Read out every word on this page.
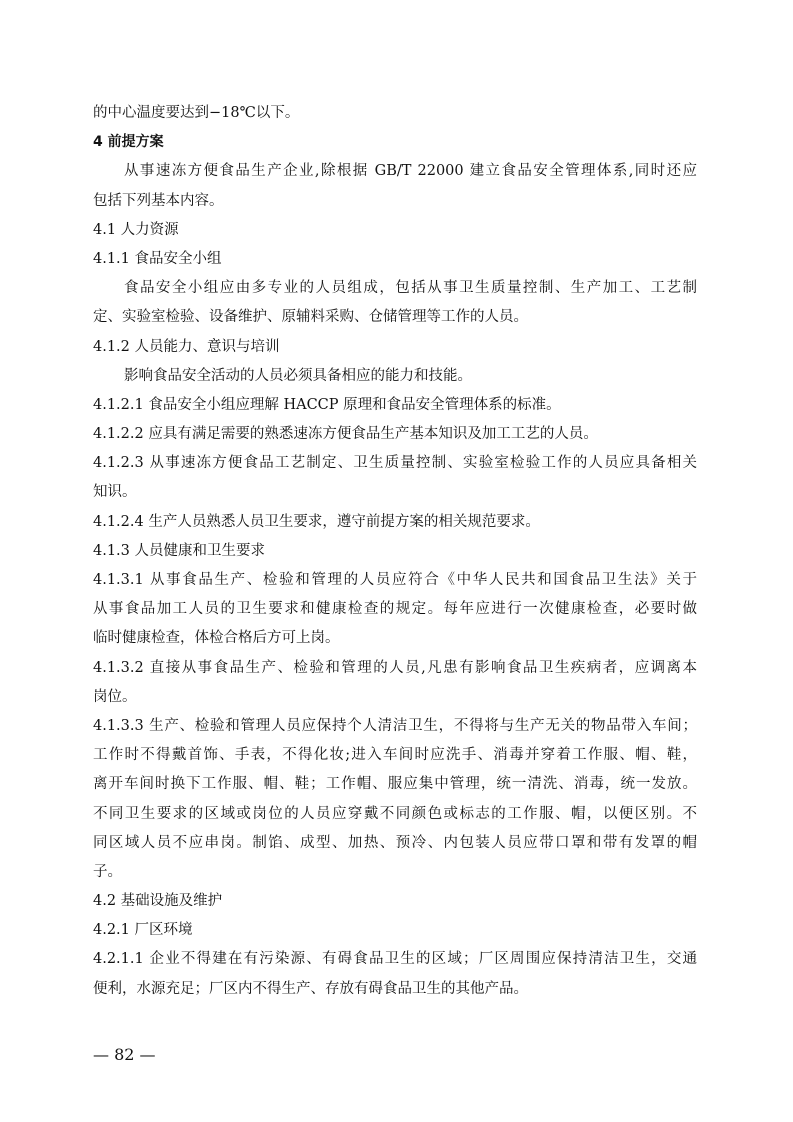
的中心温度要达到−18℃以下。
4 前提方案
从事速冻方便食品生产企业,除根据 GB/T 22000 建立食品安全管理体系,同时还应
包括下列基本内容。
4.1 人力资源
4.1.1 食品安全小组
食品安全小组应由多专业的人员组成，包括从事卫生质量控制、生产加工、工艺制
定、实验室检验、设备维护、原辅料采购、仓储管理等工作的人员。
4.1.2 人员能力、意识与培训
影响食品安全活动的人员必须具备相应的能力和技能。
4.1.2.1 食品安全小组应理解 HACCP 原理和食品安全管理体系的标准。
4.1.2.2 应具有满足需要的熟悉速冻方便食品生产基本知识及加工工艺的人员。
4.1.2.3 从事速冻方便食品工艺制定、卫生质量控制、实验室检验工作的人员应具备相关
知识。
4.1.2.4 生产人员熟悉人员卫生要求，遵守前提方案的相关规范要求。
4.1.3 人员健康和卫生要求
4.1.3.1 从事食品生产、检验和管理的人员应符合《中华人民共和国食品卫生法》关于
从事食品加工人员的卫生要求和健康检查的规定。每年应进行一次健康检查，必要时做
临时健康检查，体检合格后方可上岗。
4.1.3.2 直接从事食品生产、检验和管理的人员,凡患有影响食品卫生疾病者，应调离本
岗位。
4.1.3.3 生产、检验和管理人员应保持个人清洁卫生，不得将与生产无关的物品带入车间；
工作时不得戴首饰、手表，不得化妆;进入车间时应洗手、消毒并穿着工作服、帽、鞋，
离开车间时换下工作服、帽、鞋；工作帽、服应集中管理，统一清洗、消毒，统一发放。
不同卫生要求的区域或岗位的人员应穿戴不同颜色或标志的工作服、帽，以便区别。不
同区域人员不应串岗。制馅、成型、加热、预冷、内包装人员应带口罩和带有发罩的帽
子。
4.2 基础设施及维护
4.2.1 厂区环境
4.2.1.1 企业不得建在有污染源、有碍食品卫生的区域；厂区周围应保持清洁卫生，交通
便利，水源充足；厂区内不得生产、存放有碍食品卫生的其他产品。
— 82 —
